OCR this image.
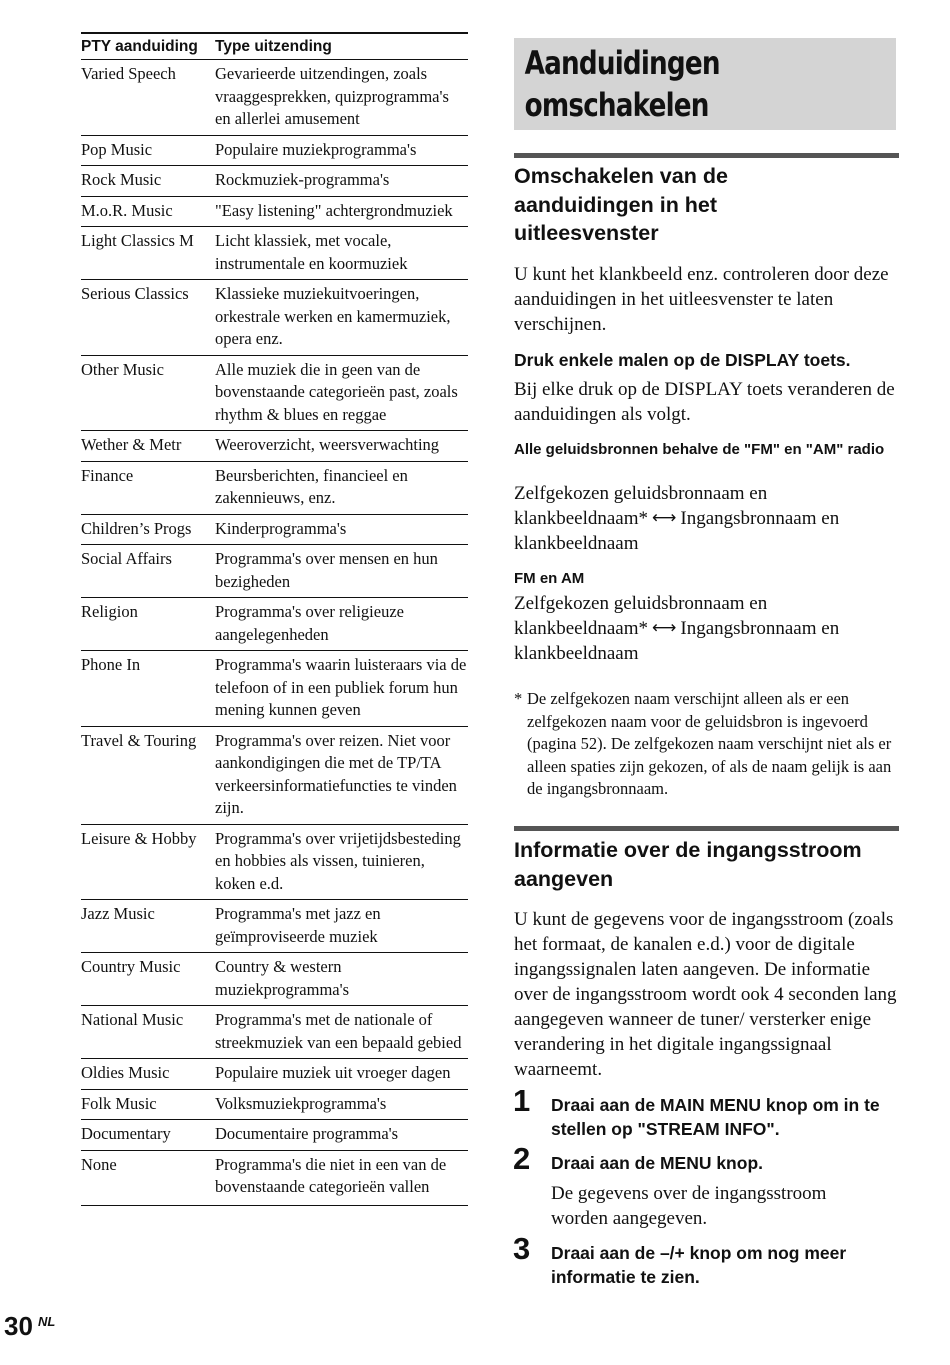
PTY aanduiding	Type uitzending
Varied Speech	Gevarieerde uitzendingen, zoals vraaggesprekken, quizprogramma's en allerlei amusement
Pop Music	Populaire muziekprogramma's
Rock Music	Rockmuziek-programma's
M.o.R. Music	"Easy listening" achtergrondmuziek
Light Classics M	Licht klassiek, met vocale, instrumentale en koormuziek
Serious Classics	Klassieke muziekuitvoeringen, orkestrale werken en kamermuziek, opera enz.
Other Music	Alle muziek die in geen van de bovenstaande categorieën past, zoals rhythm & blues en reggae
Wether & Metr	Weeroverzicht, weersverwachting
Finance	Beursberichten, financieel en zakennieuws, enz.
Children’s Progs	Kinderprogramma's
Social Affairs	Programma's over mensen en hun bezigheden
Religion	Programma's over religieuze aangelegenheden
Phone In	Programma's waarin luisteraars via de telefoon of in een publiek forum hun mening kunnen geven
Travel & Touring	Programma's over reizen. Niet voor aankondigingen die met de TP/TA verkeersinformatiefuncties te vinden zijn.
Leisure & Hobby	Programma's over vrijetijdsbesteding en hobbies als vissen, tuinieren, koken e.d.
Jazz Music	Programma's met jazz en geïmproviseerde muziek
Country Music	Country & western muziekprogramma's
National Music	Programma's met de nationale of streekmuziek van een bepaald gebied
Oldies Music	Populaire muziek uit vroeger dagen
Folk Music	Volksmuziekprogramma's
Documentary	Documentaire programma's
None	Programma's die niet in een van de bovenstaande categorieën vallen
Aanduidingen omschakelen
Omschakelen van de aanduidingen in het uitleesvenster

U kunt het klankbeeld enz. controleren door deze aanduidingen in het uitleesvenster te laten verschijnen.

Druk enkele malen op de DISPLAY toets.

Bij elke druk op de DISPLAY toets veranderen de aanduidingen als volgt.

Alle geluidsbronnen behalve de "FM" en "AM" radio

Zelfgekozen geluidsbronnaam en klankbeeldnaam* ⟷ Ingangsbronnaam en klankbeeldnaam

FM en AM

Zelfgekozen geluidsbronnaam en klankbeeldnaam* ⟷ Ingangsbronnaam en klankbeeldnaam

* De zelfgekozen naam verschijnt alleen als er een zelfgekozen naam voor de geluidsbron is ingevoerd (pagina 52). De zelfgekozen naam verschijnt niet als er alleen spaties zijn gekozen, of als de naam gelijk is aan de ingangsbronnaam.

Informatie over de ingangsstroom aangeven

U kunt de gegevens voor de ingangsstroom (zoals het formaat, de kanalen e.d.) voor de digitale ingangssignalen laten aangeven. De informatie over de ingangsstroom wordt ook 4 seconden lang aangegeven wanneer de tuner/ versterker enige verandering in het digitale ingangssignaal waarneemt.

1 Draai aan de MAIN MENU knop om in te stellen op "STREAM INFO".

2 Draai aan de MENU knop.

De gegevens over de ingangsstroom worden aangegeven.

3 Draai aan de –/+ knop om nog meer informatie te zien.

30 NL
